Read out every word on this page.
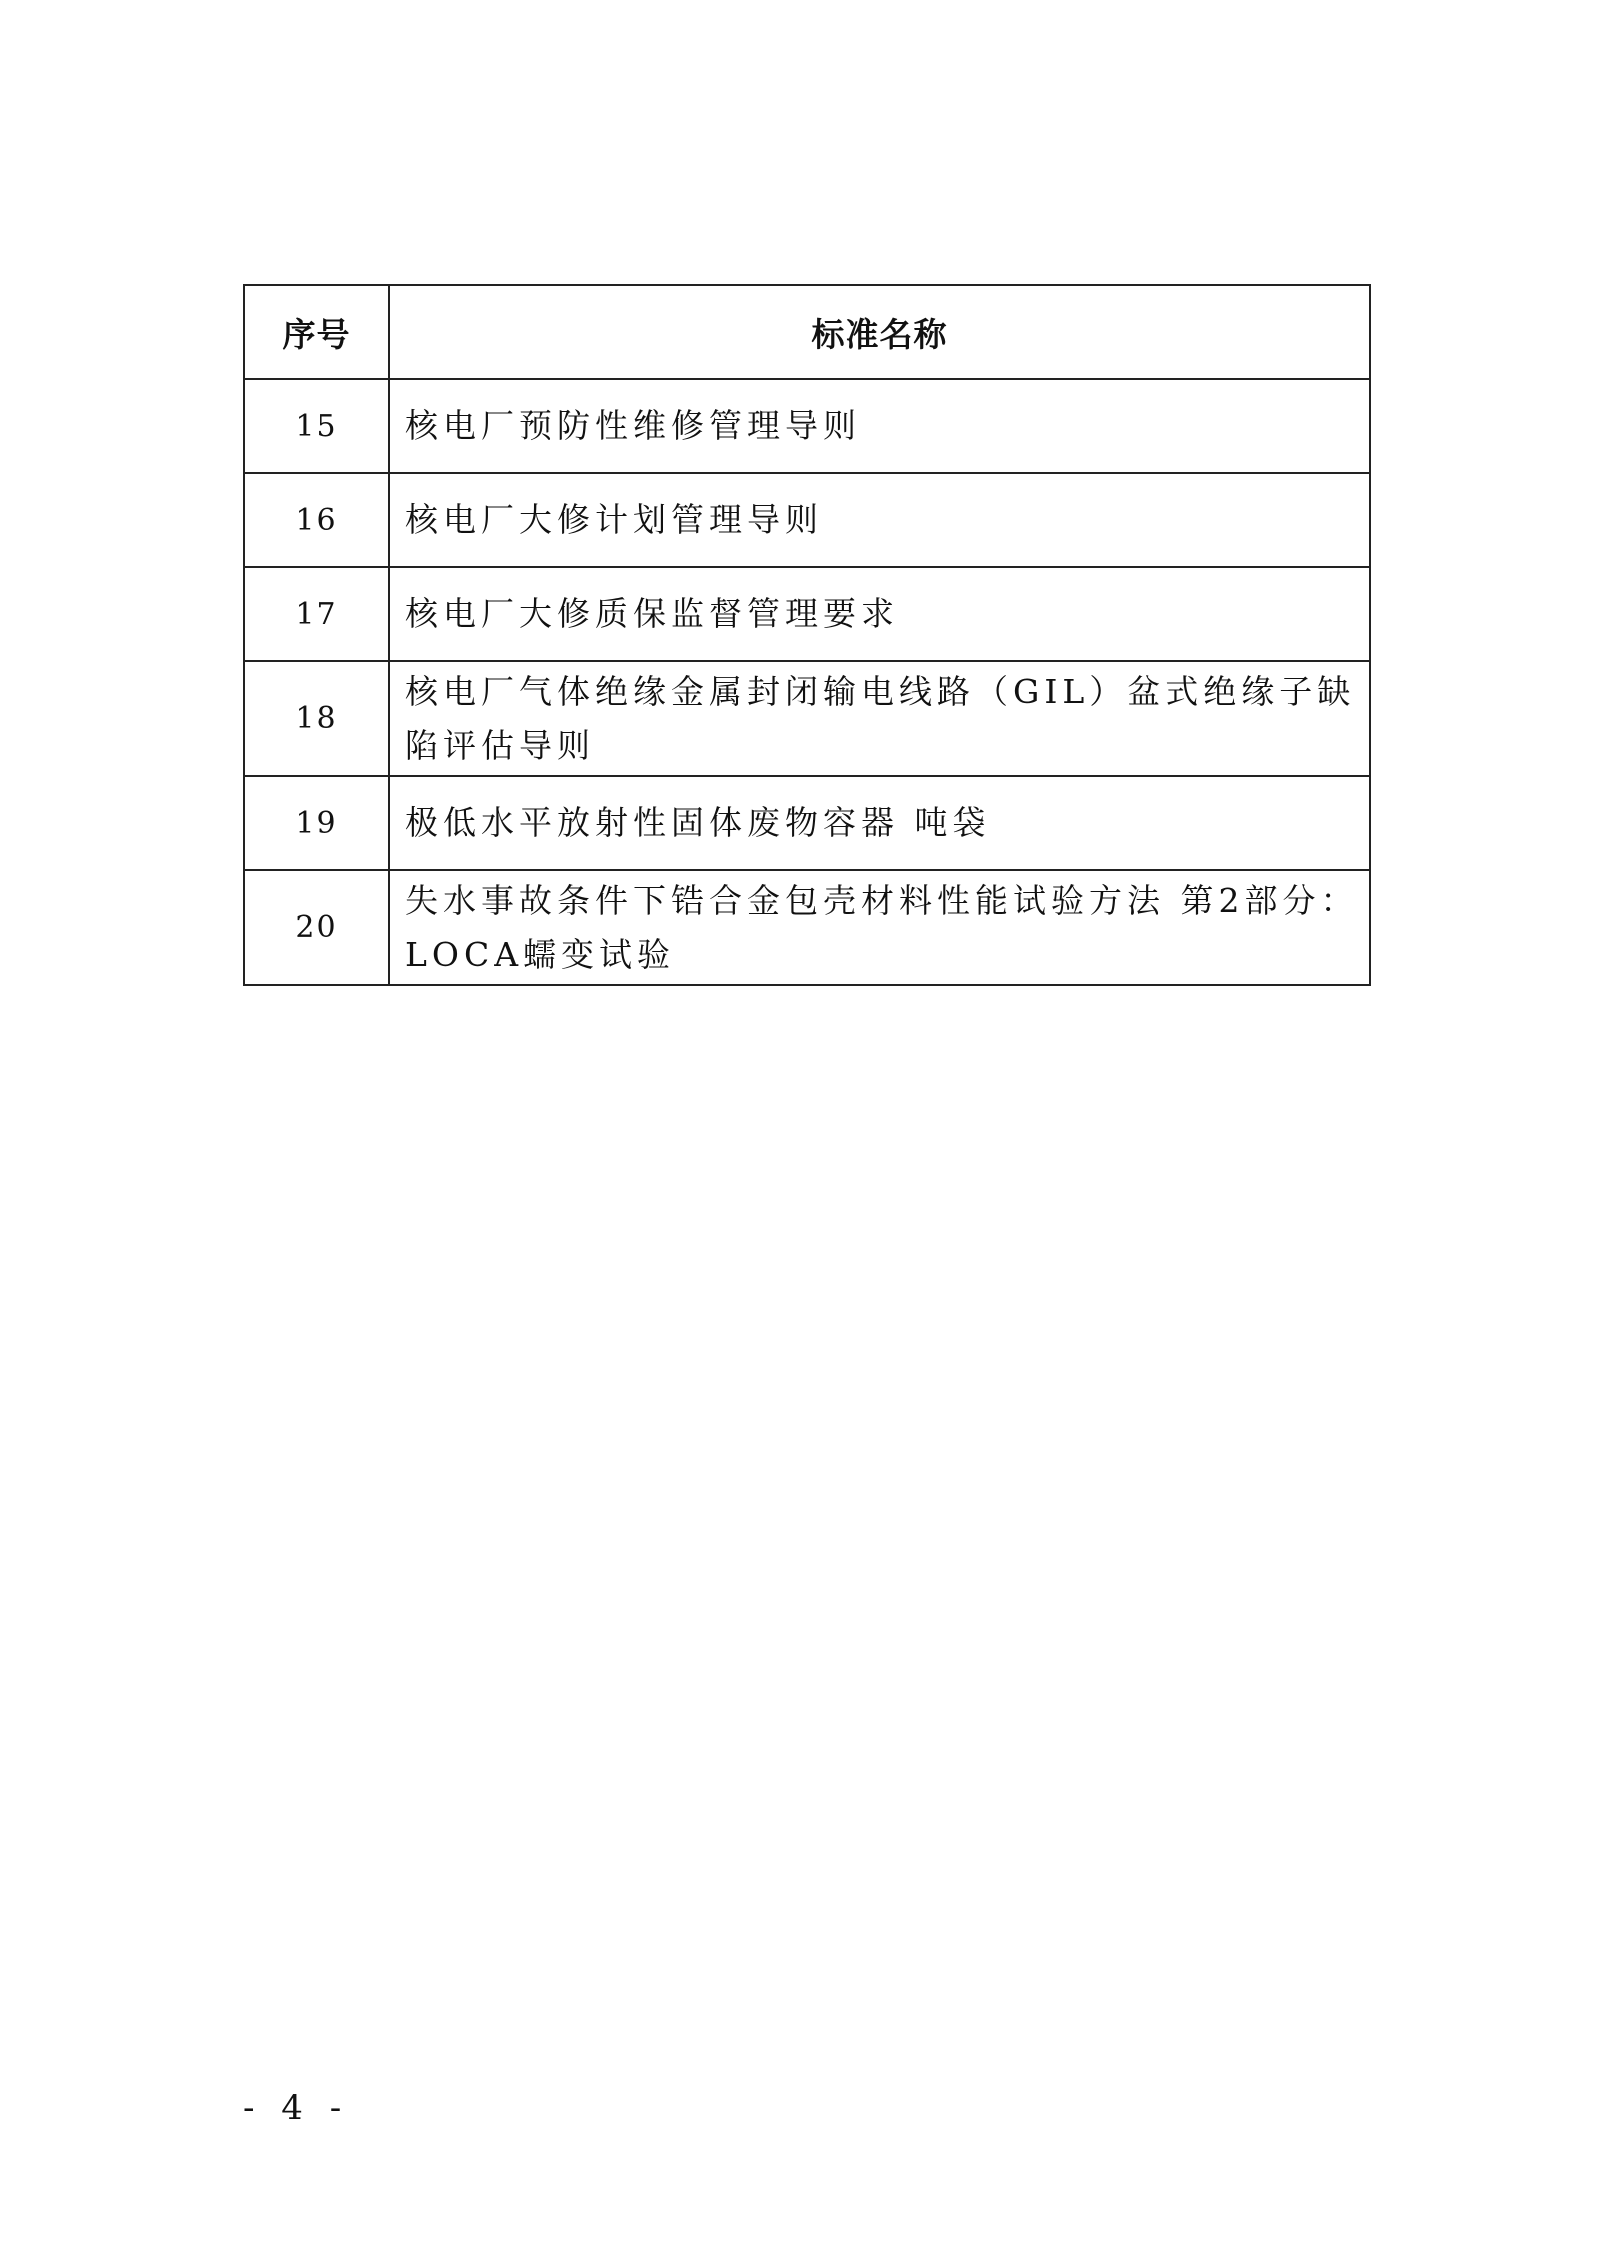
序号	标准名称
15	核电厂预防性维修管理导则
16	核电厂大修计划管理导则
17	核电厂大修质保监督管理要求
18	核电厂气体绝缘金属封闭输电线路（GIL）盆式绝缘子缺陷评估导则
19	极低水平放射性固体废物容器 吨袋
20	失水事故条件下锆合金包壳材料性能试验方法 第2部分：LOCA蠕变试验
- 4 -
